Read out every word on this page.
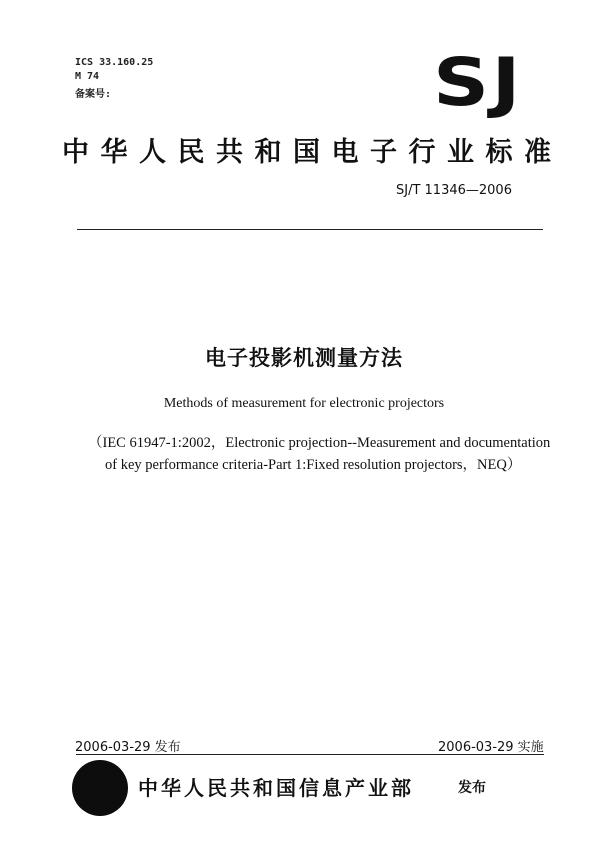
ICS 33.160.25
M 74
备案号:	SJ
中华人民共和国电子行业标准
SJ/T 11346—2006
电子投影机测量方法
Methods of measurement for electronic projectors
（IEC 61947-1:2002，Electronic projection--Measurement and documentation
of key performance criteria-Part 1:Fixed resolution projectors，NEQ）
2006-03-29 发布	2006-03-29 实施
中华人民共和国信息产业部	发布
